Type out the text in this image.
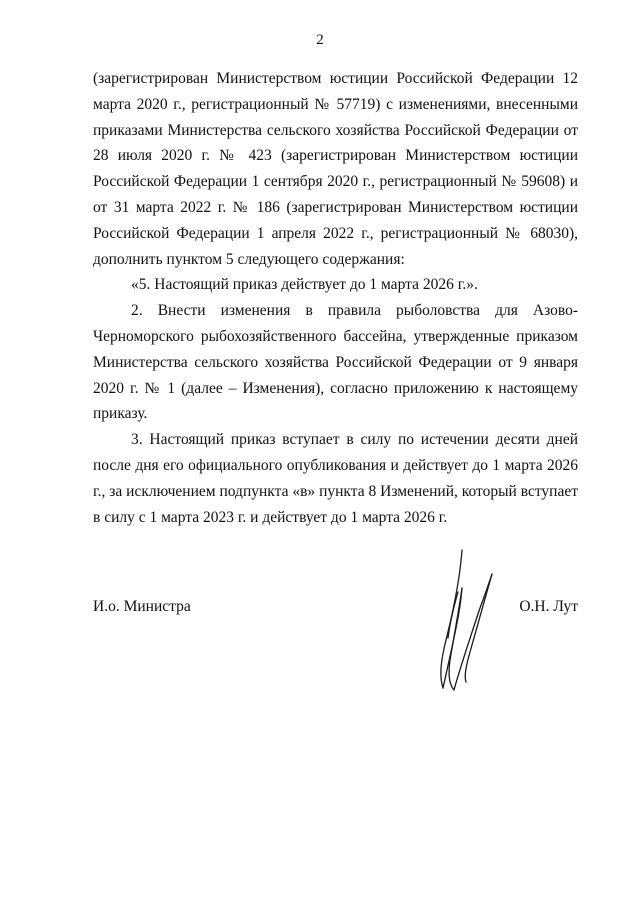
2

(зарегистрирован Министерством юстиции Российской Федерации 12 марта 2020 г., регистрационный № 57719) с изменениями, внесенными приказами Министерства сельского хозяйства Российской Федерации от 28 июля 2020 г. № 423 (зарегистрирован Министерством юстиции Российской Федерации 1 сентября 2020 г., регистрационный № 59608) и от 31 марта 2022 г. № 186 (зарегистрирован Министерством юстиции Российской Федерации 1 апреля 2022 г., регистрационный № 68030), дополнить пунктом 5 следующего содержания:

«5. Настоящий приказ действует до 1 марта 2026 г.».

2. Внести изменения в правила рыболовства для Азово-Черноморского рыбохозяйственного бассейна, утвержденные приказом Министерства сельского хозяйства Российской Федерации от 9 января 2020 г. № 1 (далее – Изменения), согласно приложению к настоящему приказу.

3. Настоящий приказ вступает в силу по истечении десяти дней после дня его официального опубликования и действует до 1 марта 2026 г., за исключением подпункта «в» пункта 8 Изменений, который вступает в силу с 1 марта 2023 г. и действует до 1 марта 2026 г.

И.о. Министра	О.Н. Лут
